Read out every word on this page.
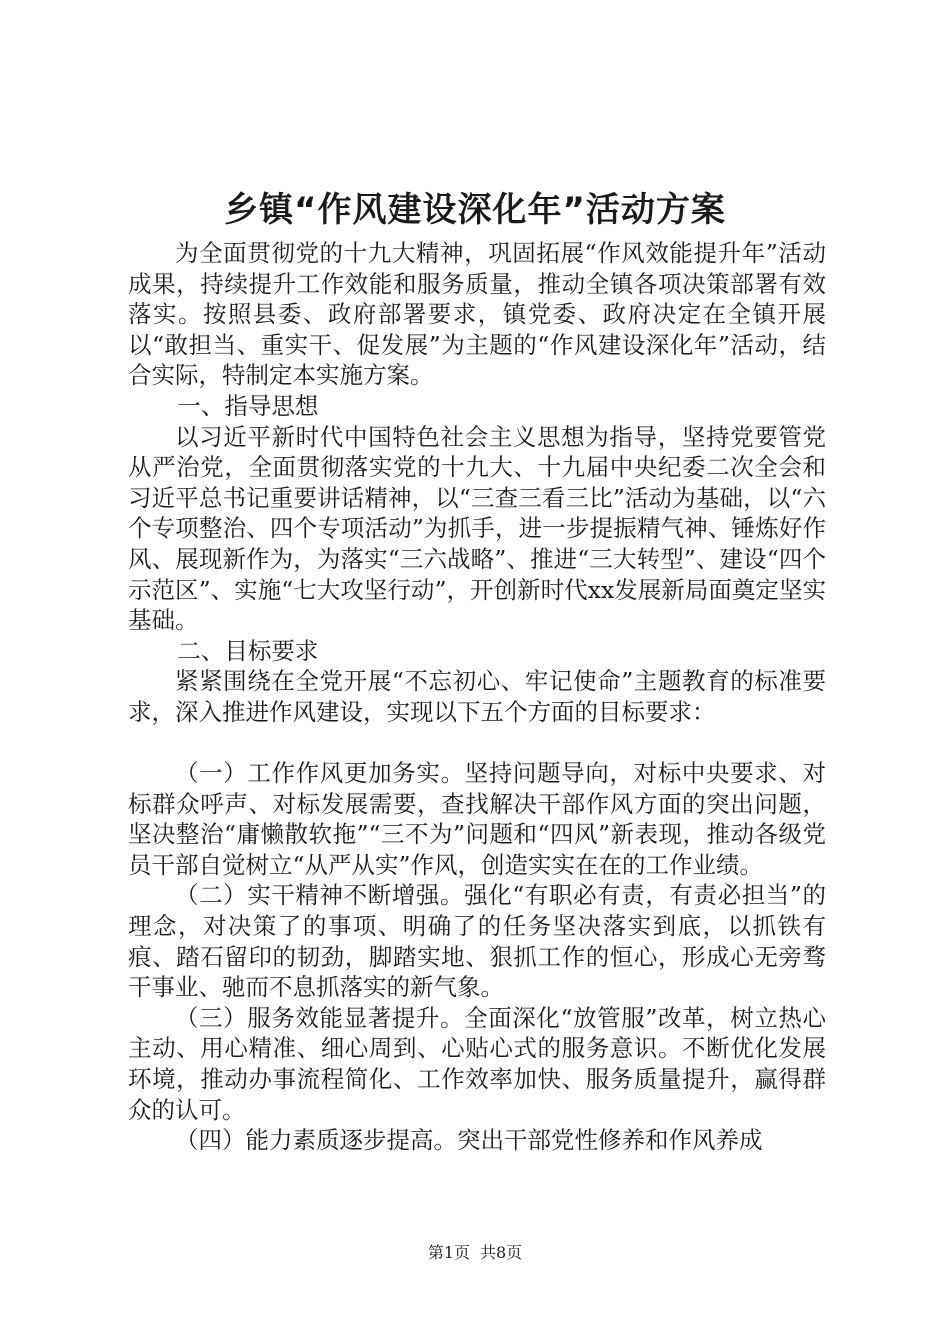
乡镇“作风建设深化年”活动方案

为全面贯彻党的十九大精神，巩固拓展“作风效能提升年”活动成果，持续提升工作效能和服务质量，推动全镇各项决策部署有效落实。按照县委、政府部署要求，镇党委、政府决定在全镇开展以“敢担当、重实干、促发展”为主题的“作风建设深化年”活动，结合实际，特制定本实施方案。

一、指导思想

以习近平新时代中国特色社会主义思想为指导，坚持党要管党从严治党，全面贯彻落实党的十九大、十九届中央纪委二次全会和习近平总书记重要讲话精神，以“三查三看三比”活动为基础，以“六个专项整治、四个专项活动”为抓手，进一步提振精气神、锤炼好作风、展现新作为，为落实“三六战略”、推进“三大转型”、建设“四个示范区”、实施“七大攻坚行动”，开创新时代xx发展新局面奠定坚实基础。

二、目标要求

紧紧围绕在全党开展“不忘初心、牢记使命”主题教育的标准要求，深入推进作风建设，实现以下五个方面的目标要求：

（一）工作作风更加务实。坚持问题导向，对标中央要求、对标群众呼声、对标发展需要，查找解决干部作风方面的突出问题，坚决整治“庸懒散软拖”“三不为”问题和“四风”新表现，推动各级党员干部自觉树立“从严从实”作风，创造实实在在的工作业绩。

（二）实干精神不断增强。强化“有职必有责，有责必担当”的理念，对决策了的事项、明确了的任务坚决落实到底，以抓铁有痕、踏石留印的韧劲，脚踏实地、狠抓工作的恒心，形成心无旁骛干事业、驰而不息抓落实的新气象。

（三）服务效能显著提升。全面深化“放管服”改革，树立热心主动、用心精准、细心周到、心贴心式的服务意识。不断优化发展环境，推动办事流程简化、工作效率加快、服务质量提升，赢得群众的认可。

（四）能力素质逐步提高。突出干部党性修养和作风养成

第1页 共8页
